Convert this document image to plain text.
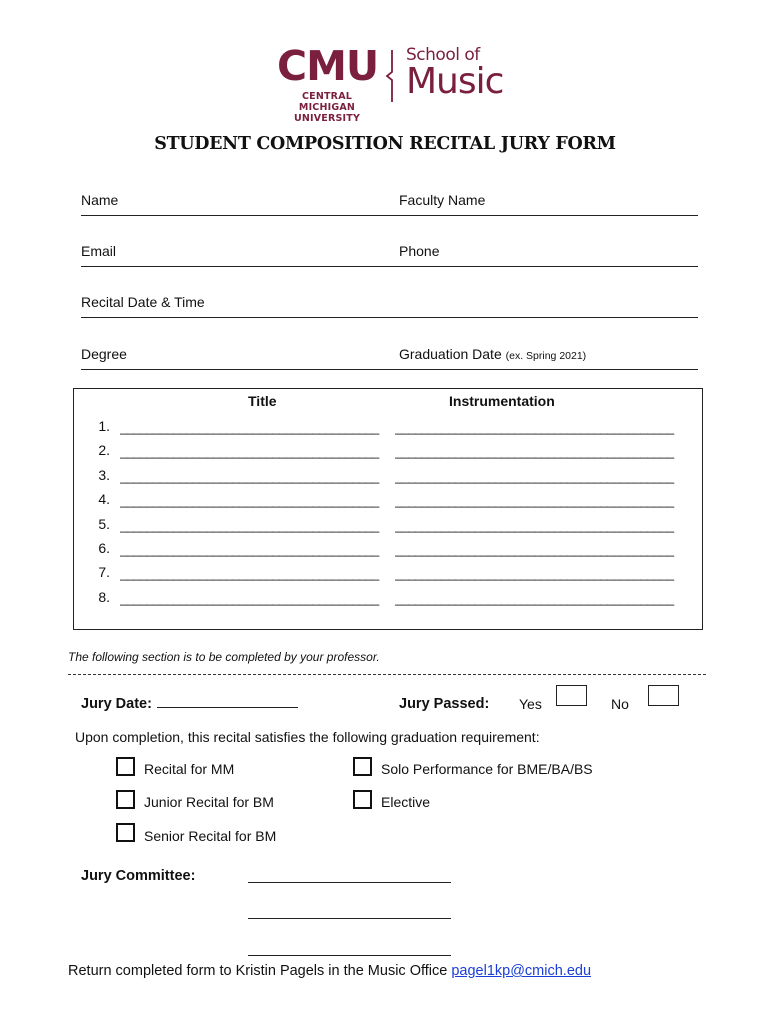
CMU
CENTRAL MICHIGAN
UNIVERSITY
School of
Music
STUDENT COMPOSITION RECITAL JURY FORM
Name	Faculty Name
Email	Phone
Recital Date & Time
Degree	Graduation Date (ex. Spring 2021)
Title	Instrumentation
1. _______________________________________	__________________________________________
2. _______________________________________	__________________________________________
3. _______________________________________	__________________________________________
4. _______________________________________	__________________________________________
5. _______________________________________	__________________________________________
6. _______________________________________	__________________________________________
7. _______________________________________	__________________________________________
8. _______________________________________	__________________________________________
The following section is to be completed by your professor.
Jury Date:	Jury Passed: Yes	No
Upon completion, this recital satisfies the following graduation requirement:
Recital for MM	Solo Performance for BME/BA/BS
Junior Recital for BM	Elective
Senior Recital for BM
Jury Committee:
Return completed form to Kristin Pagels in the Music Office pagel1kp@cmich.edu
